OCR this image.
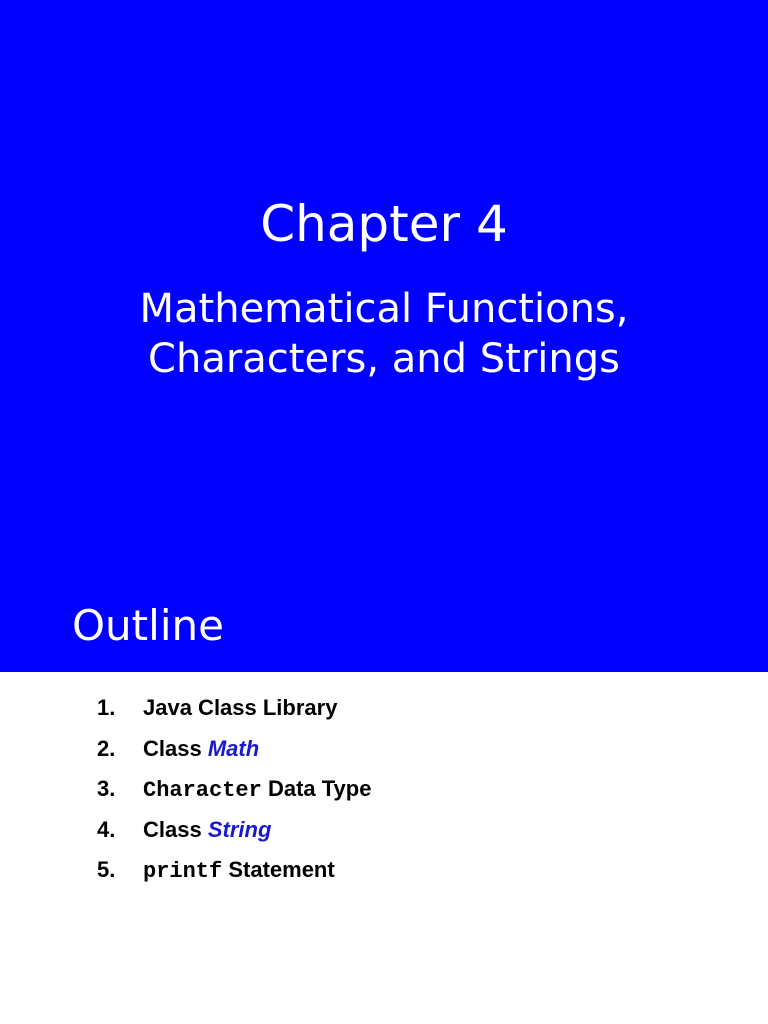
Chapter 4
Mathematical Functions,
Characters, and Strings
Outline
1. Java Class Library
2. Class Math
3. Character Data Type
4. Class String
5. printf Statement
